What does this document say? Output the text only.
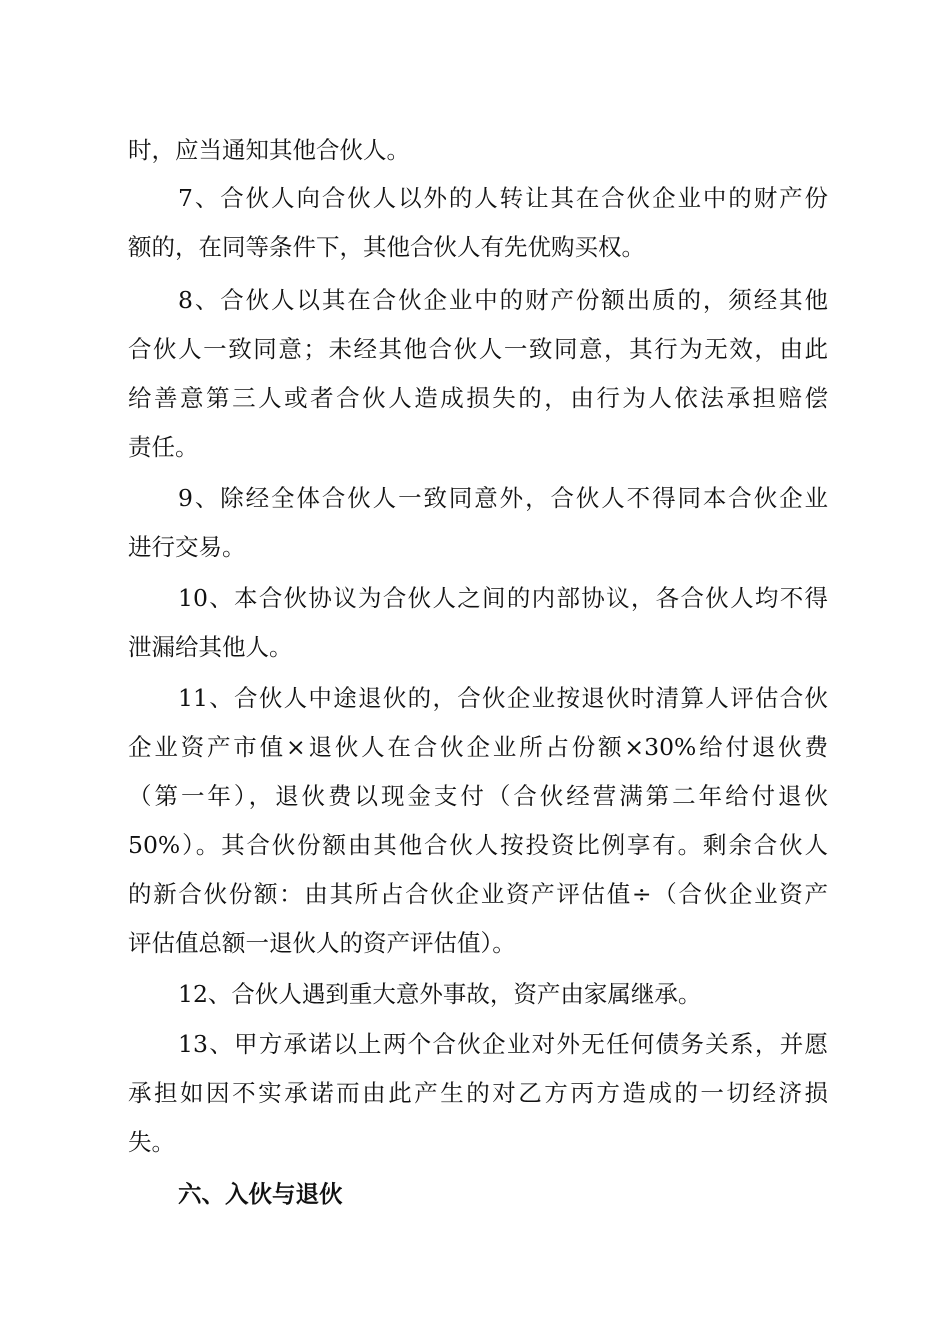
时，应当通知其他合伙人。
7、合伙人向合伙人以外的人转让其在合伙企业中的财产份
额的，在同等条件下，其他合伙人有先优购买权。
8、合伙人以其在合伙企业中的财产份额出质的，须经其他
合伙人一致同意；未经其他合伙人一致同意，其行为无效，由此
给善意第三人或者合伙人造成损失的，由行为人依法承担赔偿
责任。
9、除经全体合伙人一致同意外，合伙人不得同本合伙企业
进行交易。
10、本合伙协议为合伙人之间的内部协议，各合伙人均不得
泄漏给其他人。
11、合伙人中途退伙的，合伙企业按退伙时清算人评估合伙
企业资产市值×退伙人在合伙企业所占份额×30%给付退伙费
（第一年），退伙费以现金支付（合伙经营满第二年给付退伙
50%）。其合伙份额由其他合伙人按投资比例享有。剩余合伙人
的新合伙份额：由其所占合伙企业资产评估值÷（合伙企业资产
评估值总额一退伙人的资产评估值）。
12、合伙人遇到重大意外事故，资产由家属继承。
13、甲方承诺以上两个合伙企业对外无任何债务关系，并愿
承担如因不实承诺而由此产生的对乙方丙方造成的一切经济损
失。
六、入伙与退伙
